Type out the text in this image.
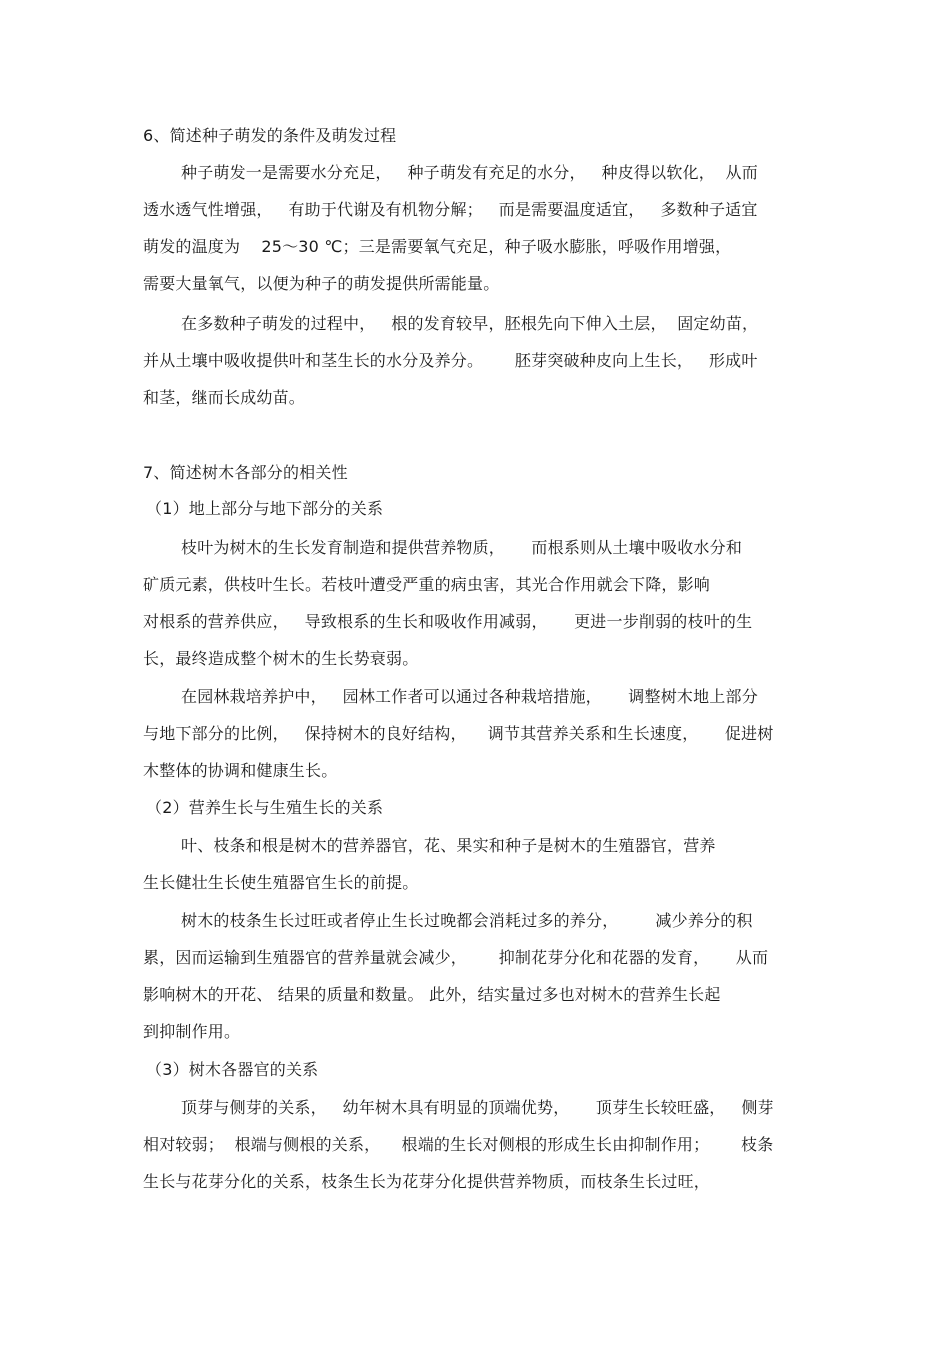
6、简述种子萌发的条件及萌发过程
种子萌发一是需要水分充足，   种子萌发有充足的水分，   种皮得以软化，  从而
透水透气性增强，   有助于代谢及有机物分解；   而是需要温度适宜，   多数种子适宜
萌发的温度为    25～30 ℃；三是需要氧气充足，种子吸水膨胀，呼吸作用增强，
需要大量氧气，以便为种子的萌发提供所需能量。
在多数种子萌发的过程中，   根的发育较早，胚根先向下伸入土层，  固定幼苗，
并从土壤中吸收提供叶和茎生长的水分及养分。      胚芽突破种皮向上生长，   形成叶
和茎，继而长成幼苗。
7、简述树木各部分的相关性
（1）地上部分与地下部分的关系
枝叶为树木的生长发育制造和提供营养物质，     而根系则从土壤中吸收水分和
矿质元素，供枝叶生长。若枝叶遭受严重的病虫害，其光合作用就会下降，影响
对根系的营养供应，   导致根系的生长和吸收作用减弱，     更进一步削弱的枝叶的生
长，最终造成整个树木的生长势衰弱。
在园林栽培养护中，   园林工作者可以通过各种栽培措施，     调整树木地上部分
与地下部分的比例，   保持树木的良好结构，    调节其营养关系和生长速度，     促进树
木整体的协调和健康生长。
（2）营养生长与生殖生长的关系
叶、枝条和根是树木的营养器官，花、果实和种子是树木的生殖器官，营养
生长健壮生长使生殖器官生长的前提。
树木的枝条生长过旺或者停止生长过晚都会消耗过多的养分，       减少养分的积
累，因而运输到生殖器官的营养量就会减少，      抑制花芽分化和花器的发育，     从而
影响树木的开花、 结果的质量和数量。 此外，结实量过多也对树木的营养生长起
到抑制作用。
（3）树木各器官的关系
顶芽与侧芽的关系，   幼年树木具有明显的顶端优势，     顶芽生长较旺盛，   侧芽
相对较弱；  根端与侧根的关系，    根端的生长对侧根的形成生长由抑制作用；      枝条
生长与花芽分化的关系，枝条生长为花芽分化提供营养物质，而枝条生长过旺，
